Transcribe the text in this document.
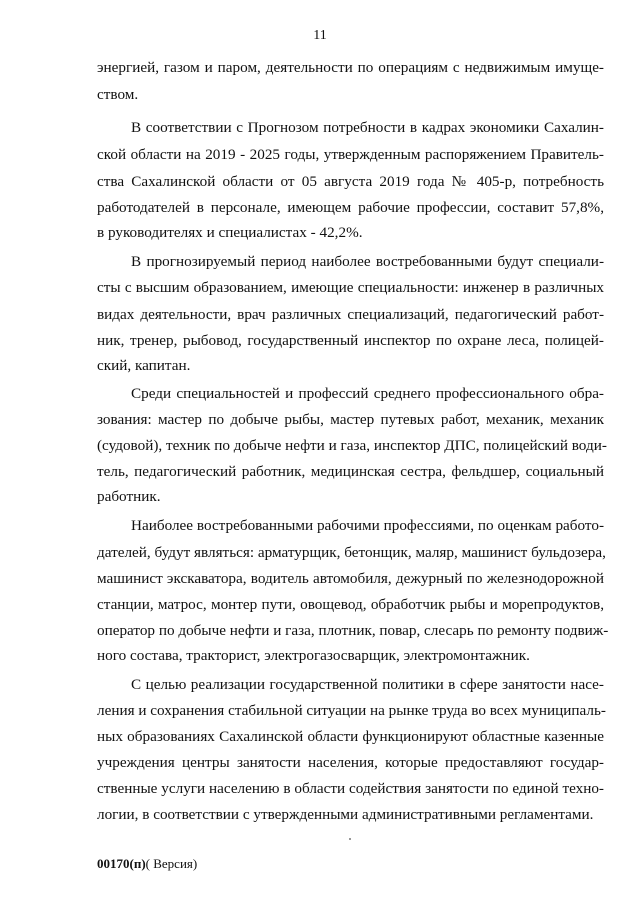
11
энергией, газом и паром, деятельности по операциям с недвижимым имуще-
ством.
В соответствии с Прогнозом потребности в кадрах экономики Сахалин-
ской области на 2019 - 2025 годы, утвержденным распоряжением Правитель-
ства Сахалинской области от 05 августа 2019 года № 405-р, потребность
работодателей в персонале, имеющем рабочие профессии, составит 57,8%,
в руководителях и специалистах - 42,2%.
В прогнозируемый период наиболее востребованными будут специали-
сты с высшим образованием, имеющие специальности: инженер в различных
видах деятельности, врач различных специализаций, педагогический работ-
ник, тренер, рыбовод, государственный инспектор по охране леса, полицей-
ский, капитан.
Среди специальностей и профессий среднего профессионального обра-
зования: мастер по добыче рыбы, мастер путевых работ, механик, механик
(судовой), техник по добыче нефти и газа, инспектор ДПС, полицейский води-
тель, педагогический работник, медицинская сестра, фельдшер, социальный
работник.
Наиболее востребованными рабочими профессиями, по оценкам работо-
дателей, будут являться: арматурщик, бетонщик, маляр, машинист бульдозера,
машинист экскаватора, водитель автомобиля, дежурный по железнодорожной
станции, матрос, монтер пути, овощевод, обработчик рыбы и морепродуктов,
оператор по добыче нефти и газа, плотник, повар, слесарь по ремонту подвиж-
ного состава, тракторист, электрогазосварщик, электромонтажник.
С целью реализации государственной политики в сфере занятости насе-
ления и сохранения стабильной ситуации на рынке труда во всех муниципаль-
ных образованиях Сахалинской области функционируют областные казенные
учреждения центры занятости населения, которые предоставляют государ-
ственные услуги населению в области содействия занятости по единой техно-
логии, в соответствии с утвержденными административными регламентами.
00170(п)( Версия)
